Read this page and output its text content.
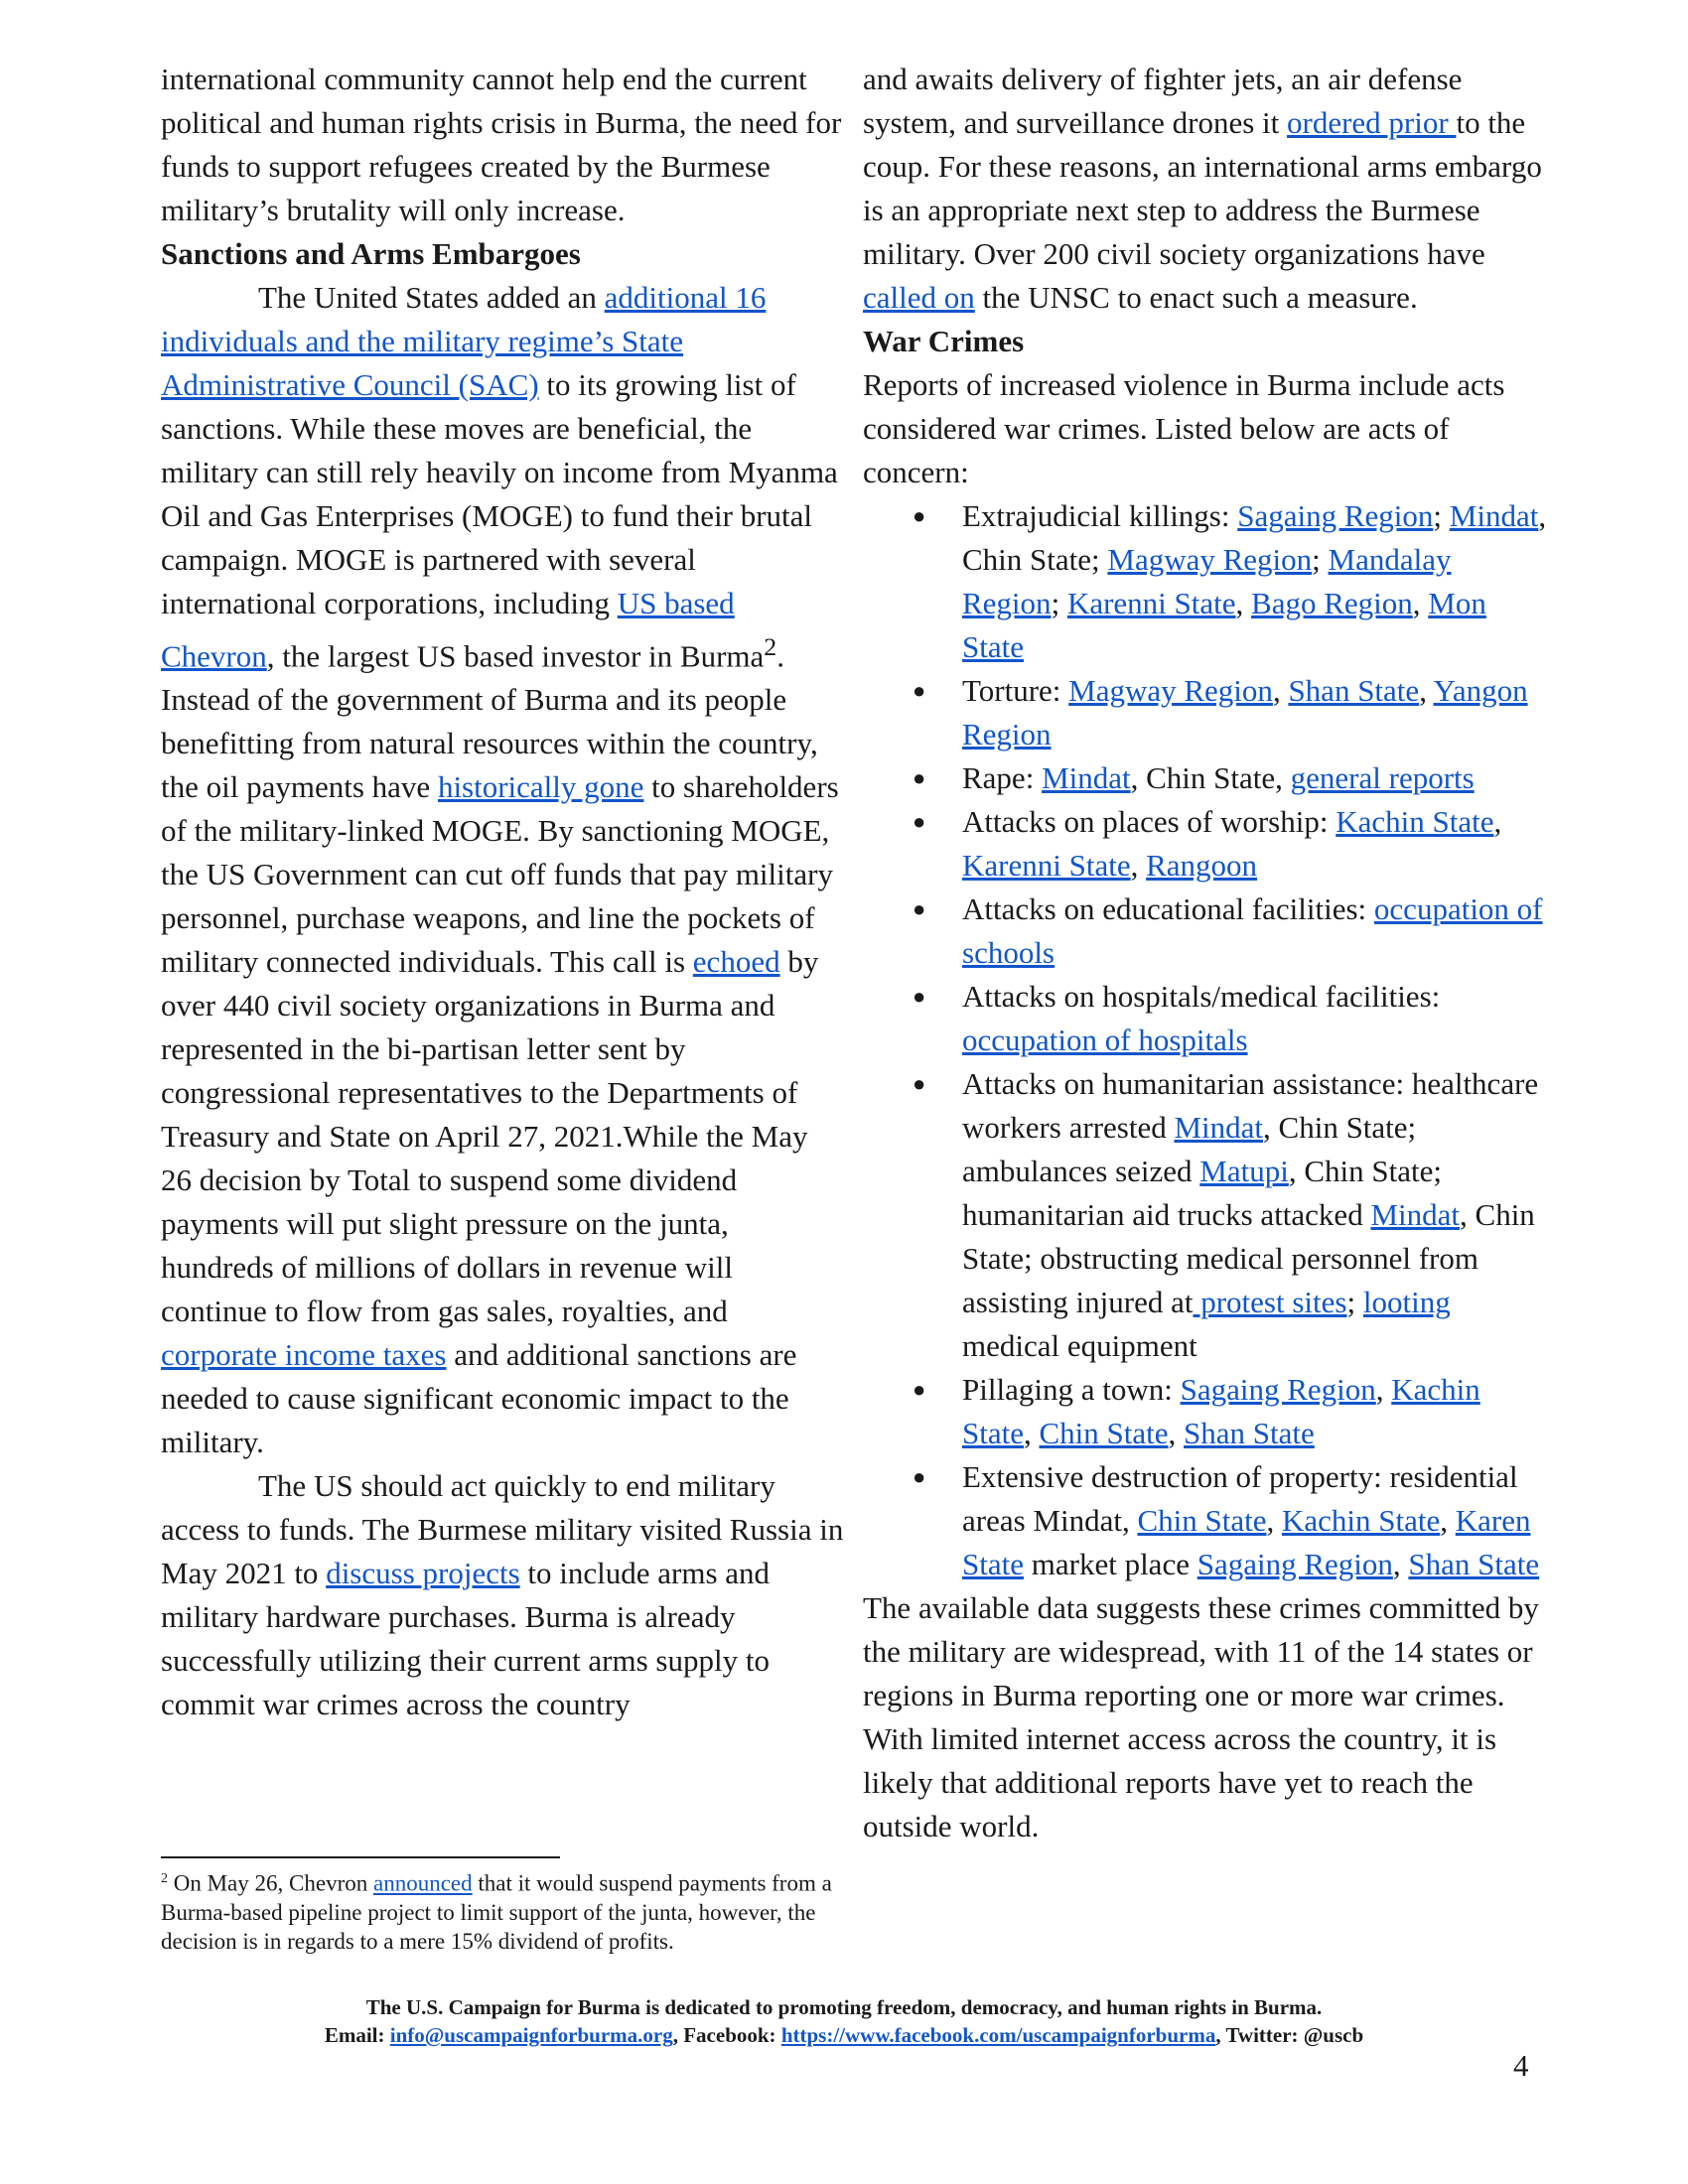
international community cannot help end the current political and human rights crisis in Burma, the need for funds to support refugees created by the Burmese military’s brutality will only increase.

Sanctions and Arms Embargoes

The United States added an additional 16 individuals and the military regime’s State Administrative Council (SAC) to its growing list of sanctions. While these moves are beneficial, the military can still rely heavily on income from Myanma Oil and Gas Enterprises (MOGE) to fund their brutal campaign. MOGE is partnered with several international corporations, including US based Chevron, the largest US based investor in Burma$^2$. Instead of the government of Burma and its people benefitting from natural resources within the country, the oil payments have historically gone to shareholders of the military-linked MOGE. By sanctioning MOGE, the US Government can cut off funds that pay military personnel, purchase weapons, and line the pockets of military connected individuals. This call is echoed by over 440 civil society organizations in Burma and represented in the bi-partisan letter sent by congressional representatives to the Departments of Treasury and State on April 27, 2021.While the May 26 decision by Total to suspend some dividend payments will put slight pressure on the junta, hundreds of millions of dollars in revenue will continue to flow from gas sales, royalties, and corporate income taxes and additional sanctions are needed to cause significant economic impact to the military.

The US should act quickly to end military access to funds. The Burmese military visited Russia in May 2021 to discuss projects to include arms and military hardware purchases. Burma is already successfully utilizing their current arms supply to commit war crimes across the country

and awaits delivery of fighter jets, an air defense system, and surveillance drones it ordered prior to the coup. For these reasons, an international arms embargo is an appropriate next step to address the Burmese military. Over 200 civil society organizations have called on the UNSC to enact such a measure.

War Crimes

Reports of increased violence in Burma include acts considered war crimes. Listed below are acts of concern:

● Extrajudicial killings: Sagaing Region; Mindat, Chin State; Magway Region; Mandalay Region; Karenni State, Bago Region, Mon State
● Torture: Magway Region, Shan State, Yangon Region
● Rape: Mindat, Chin State, general reports
● Attacks on places of worship: Kachin State, Karenni State, Rangoon
● Attacks on educational facilities: occupation of schools
● Attacks on hospitals/medical facilities: occupation of hospitals
● Attacks on humanitarian assistance: healthcare workers arrested Mindat, Chin State; ambulances seized Matupi, Chin State; humanitarian aid trucks attacked Mindat, Chin State; obstructing medical personnel from assisting injured at protest sites; looting medical equipment
● Pillaging a town: Sagaing Region, Kachin State, Chin State, Shan State
● Extensive destruction of property: residential areas Mindat, Chin State, Kachin State, Karen State market place Sagaing Region, Shan State

The available data suggests these crimes committed by the military are widespread, with 11 of the 14 states or regions in Burma reporting one or more war crimes. With limited internet access across the country, it is likely that additional reports have yet to reach the outside world.

$^2$ On May 26, Chevron announced that it would suspend payments from a Burma-based pipeline project to limit support of the junta, however, the decision is in regards to a mere 15% dividend of profits.
The U.S. Campaign for Burma is dedicated to promoting freedom, democracy, and human rights in Burma.
Email: info@uscampaignforburma.org, Facebook: https://www.facebook.com/uscampaignforburma, Twitter: @uscb
4
